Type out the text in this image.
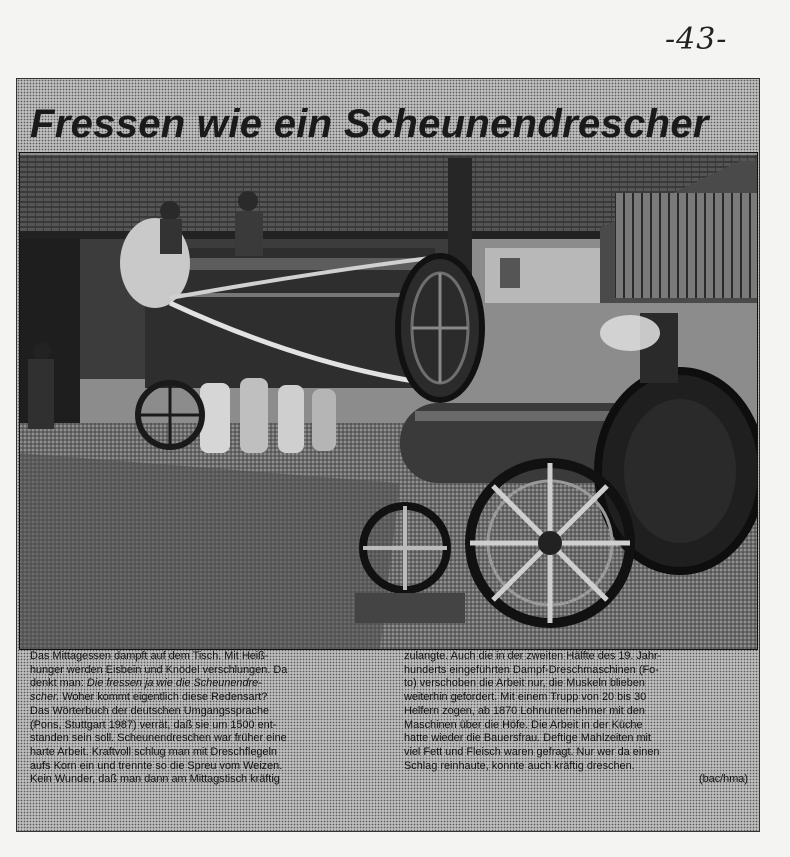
-43-
Fressen wie ein Scheunendrescher
Das Mittagessen dampft auf dem Tisch. Mit Heiß-
hunger werden Eisbein und Knödel verschlungen. Da
denkt man: Die fressen ja wie die Scheunendre-
scher. Woher kommt eigentlich diese Redensart?
Das Wörterbuch der deutschen Umgangssprache
(Pons, Stuttgart 1987) verrät, daß sie um 1500 ent-
standen sein soll. Scheunendreschen war früher eine
harte Arbeit. Kraftvoll schlug man mit Dreschflegeln
aufs Korn ein und trennte so die Spreu vom Weizen.
Kein Wunder, daß man dann am Mittagstisch kräftig
zulangte. Auch die in der zweiten Hälfte des 19. Jahr-
hunderts eingeführten Dampf-Dreschmaschinen (Fo-
to) verschoben die Arbeit nur, die Muskeln blieben
weiterhin gefordert. Mit einem Trupp von 20 bis 30
Helfern zogen, ab 1870 Lohnunternehmer mit den
Maschinen über die Höfe. Die Arbeit in der Küche
hatte wieder die Bauersfrau. Deftige Mahlzeiten mit
viel Fett und Fleisch waren gefragt. Nur wer da einen
Schlag reinhaute, konnte auch kräftig dreschen.
(bac/hma)
